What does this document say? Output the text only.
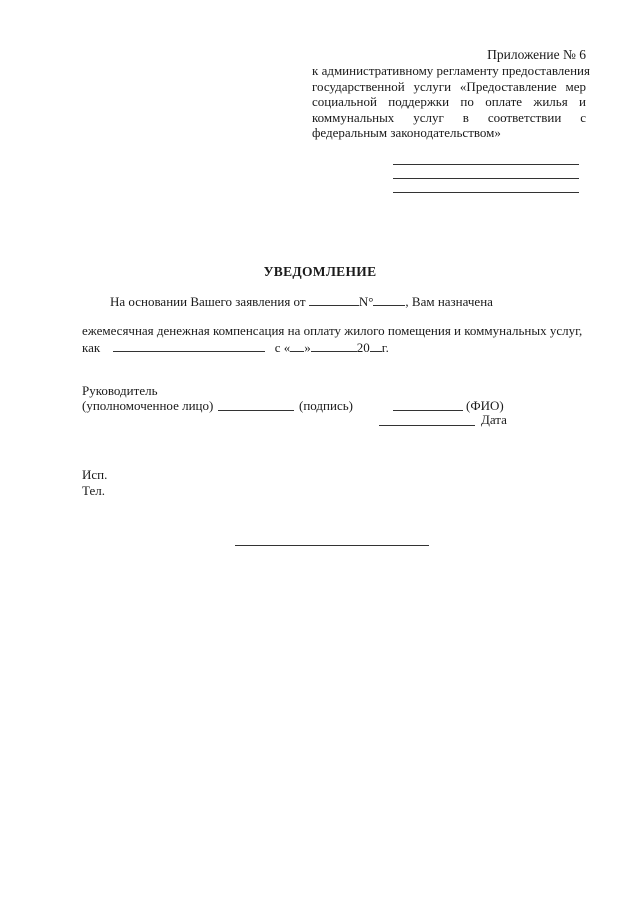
Приложение № 6
к административному регламенту предоставления
государственной услуги «Предоставление мер
социальной поддержки по оплате жилья и
коммунальных услуг в соответствии с
федеральным законодательством»
УВЕДОМЛЕНИЕ
На основании Вашего заявления от	N° , Вам назначена
ежемесячная денежная компенсация на оплату жилого помещения и коммунальных услуг,
как	с « »	20 г.
Руководитель
(уполномоченное лицо)	(подпись)	(ФИО)
Дата
Исп.
Тел.
